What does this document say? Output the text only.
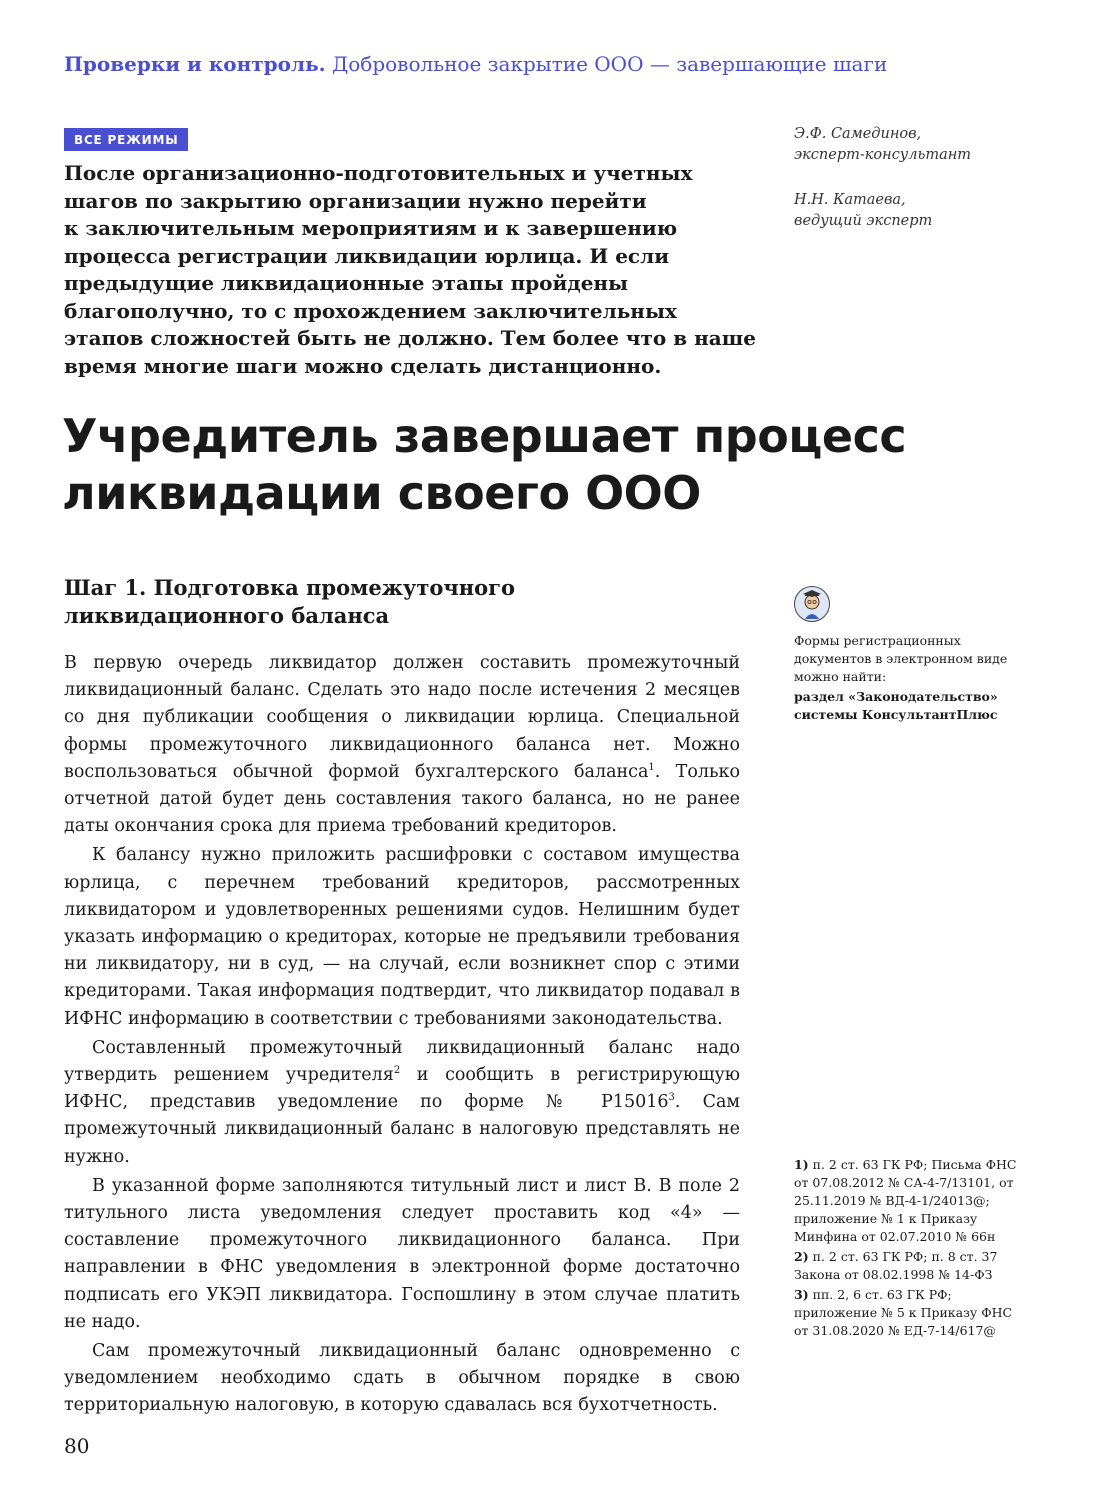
Проверки и контроль. Добровольное закрытие ООО — завершающие шаги
ВСЕ РЕЖИМЫ
После организационно-подготовительных и учетных
шагов по закрытию организации нужно перейти
к заключительным мероприятиям и к завершению
процесса регистрации ликвидации юрлица. И если
предыдущие ликвидационные этапы пройдены
благополучно, то с прохождением заключительных
этапов сложностей быть не должно. Тем более что в наше
время многие шаги можно сделать дистанционно.
Э.Ф. Самединов,
эксперт-консультант
Н.Н. Катаева,
ведущий эксперт
Учредитель завершает процесс
ликвидации своего ООО
Шаг 1. Подготовка промежуточного
ликвидационного баланса

В первую очередь ликвидатор должен составить промежуточный ликвидационный баланс. Сделать это надо после истечения 2 месяцев со дня публикации сообщения о ликвидации юрлица. Специальной формы промежуточного ликвидационного баланса нет. Можно воспользоваться обычной формой бухгалтерского баланса$^1$. Только отчетной датой будет день составления такого баланса, но не ранее даты окончания срока для приема требований кредиторов.

К балансу нужно приложить расшифровки с составом имущества юрлица, с перечнем требований кредиторов, рассмотренных ликвидатором и удовлетворенных решениями судов. Нелишним будет указать информацию о кредиторах, которые не предъявили требования ни ликвидатору, ни в суд, — на случай, если возникнет спор с этими кредиторами. Такая информация подтвердит, что ликвидатор подавал в ИФНС информацию в соответствии с требованиями законодательства.

Составленный промежуточный ликвидационный баланс надо утвердить решением учредителя$^2$ и сообщить в регистрирующую ИФНС, представив уведомление по форме № Р15016$^3$. Сам промежуточный ликвидационный баланс в налоговую представлять не нужно.

В указанной форме заполняются титульный лист и лист В. В поле 2 титульного листа уведомления следует проставить код «4» — составление промежуточного ликвидационного баланса. При направлении в ФНС уведомления в электронной форме достаточно подписать его УКЭП ликвидатора. Госпошлину в этом случае платить не надо.

Сам промежуточный ликвидационный баланс одновременно с уведомлением необходимо сдать в обычном порядке в свою территориальную налоговую, в которую сдавалась вся бухотчетность.

Формы регистрационных документов в электронном виде можно найти:
раздел «Законодательство» системы КонсультантПлюс
1) п. 2 ст. 63 ГК РФ; Письма ФНС от 07.08.2012 № СА-4-7/13101, от 25.11.2019 № ВД-4-1/24013@; приложение № 1 к Приказу Минфина от 02.07.2010 № 66н
2) п. 2 ст. 63 ГК РФ; п. 8 ст. 37 Закона от 08.02.1998 № 14-ФЗ
3) пп. 2, 6 ст. 63 ГК РФ; приложение № 5 к Приказу ФНС от 31.08.2020 № ЕД-7-14/617@
80
